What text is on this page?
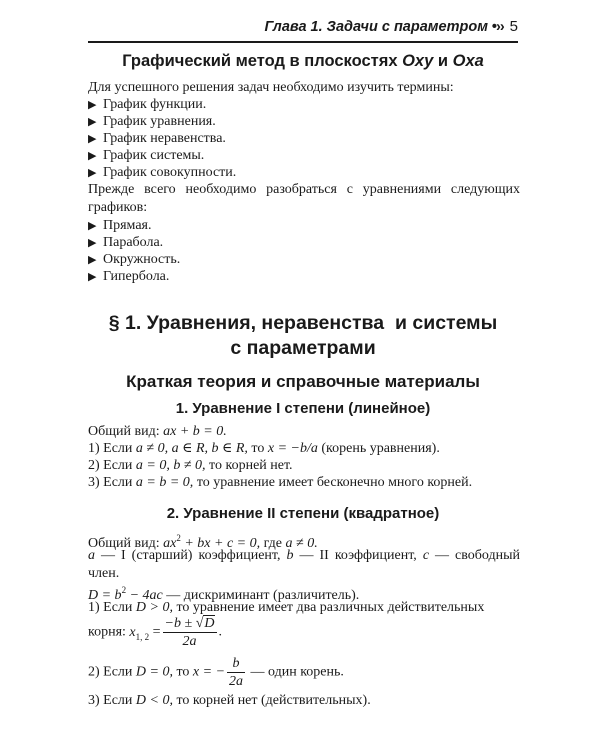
Глава 1. Задачи с параметром •›› 5
Графический метод в плоскостях Oxy и Oxa
Для успешного решения задач необходимо изучить термины:
▶ График функции.
▶ График уравнения.
▶ График неравенства.
▶ График системы.
▶ График совокупности.
Прежде всего необходимо разобраться с уравнениями следующих графиков:
▶ Прямая.
▶ Парабола.
▶ Окружность.
▶ Гипербола.
§ 1. Уравнения, неравенства  и системы
с параметрами
Краткая теория и справочные материалы
1. Уравнение I степени (линейное)
Общий вид: ax + b = 0.
1) Если a ≠ 0, a ∈ R, b ∈ R, то x = −b/a (корень уравнения).
2) Если a = 0, b ≠ 0, то корней нет.
3) Если a = b = 0, то уравнение имеет бесконечно много корней.
2. Уравнение II степени (квадратное)
Общий вид: $ax^2$ + bx + c = 0, где a ≠ 0.
a — I (старший) коэффициент, b — II коэффициент, c — свободный член.
$D = b^2 - 4ac$ — дискриминант (различитель).
1) Если D > 0, то уравнение имеет два различных действительных
корня: $x_{1, 2} = \frac{-b \pm √D}{2a}$ .
2) Если D = 0, то x = − $\frac{b}{2a}$ — один корень.
3) Если D < 0, то корней нет (действительных).
